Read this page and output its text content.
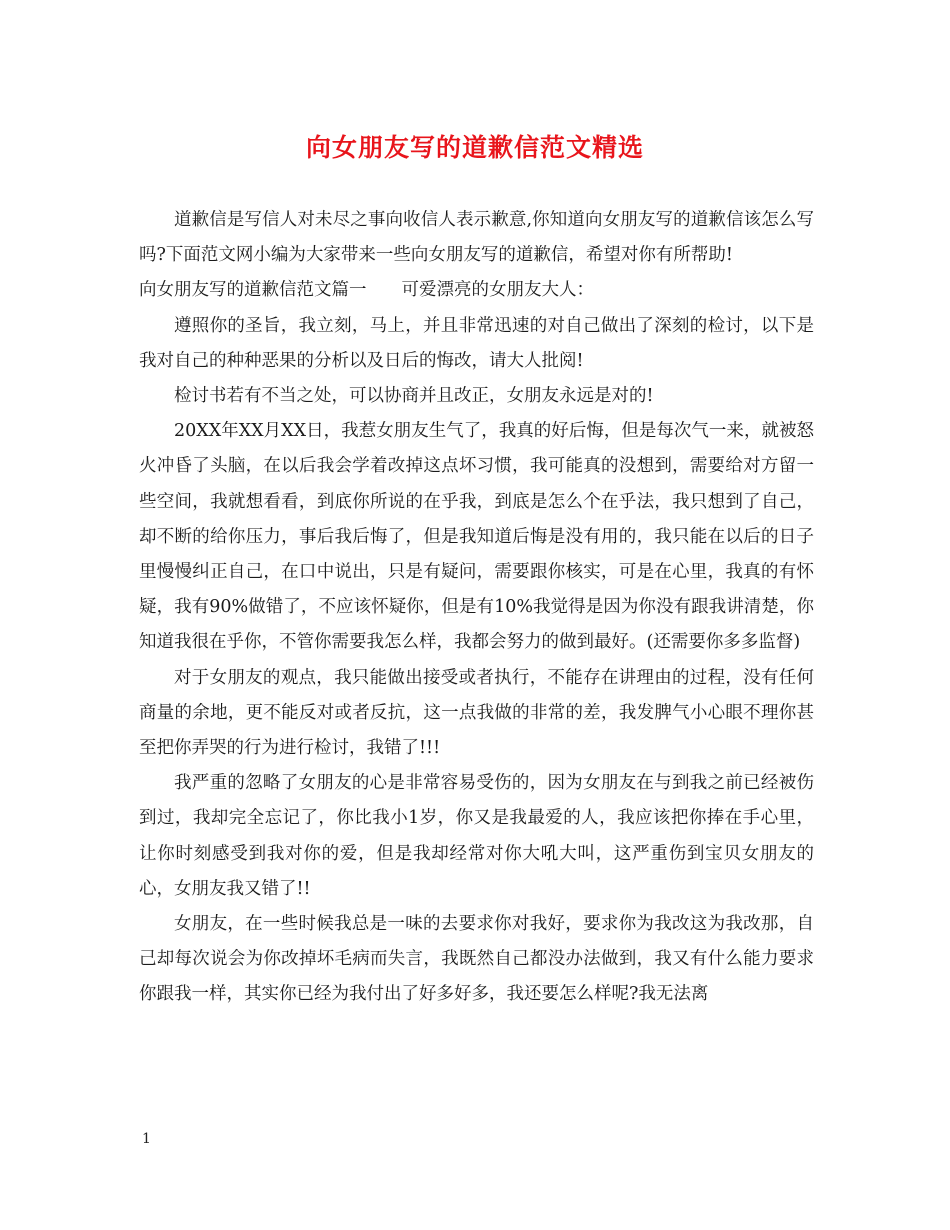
向女朋友写的道歉信范文精选

道歉信是写信人对未尽之事向收信人表示歉意,你知道向女朋友写的道歉信该怎么写吗?下面范文网小编为大家带来一些向女朋友写的道歉信，希望对你有所帮助!

向女朋友写的道歉信范文篇一　　可爱漂亮的女朋友大人：

遵照你的圣旨，我立刻，马上，并且非常迅速的对自己做出了深刻的检讨，以下是我对自己的种种恶果的分析以及日后的悔改，请大人批阅!

检讨书若有不当之处，可以协商并且改正，女朋友永远是对的!

20XX年XX月XX日，我惹女朋友生气了，我真的好后悔，但是每次气一来，就被怒火冲昏了头脑，在以后我会学着改掉这点坏习惯，我可能真的没想到，需要给对方留一些空间，我就想看看，到底你所说的在乎我，到底是怎么个在乎法，我只想到了自己，却不断的给你压力，事后我后悔了，但是我知道后悔是没有用的，我只能在以后的日子里慢慢纠正自己，在口中说出，只是有疑问，需要跟你核实，可是在心里，我真的有怀疑，我有90%做错了，不应该怀疑你，但是有10%我觉得是因为你没有跟我讲清楚，你知道我很在乎你，不管你需要我怎么样，我都会努力的做到最好。(还需要你多多监督)

对于女朋友的观点，我只能做出接受或者执行，不能存在讲理由的过程，没有任何商量的余地，更不能反对或者反抗，这一点我做的非常的差，我发脾气小心眼不理你甚至把你弄哭的行为进行检讨，我错了!!!

我严重的忽略了女朋友的心是非常容易受伤的，因为女朋友在与到我之前已经被伤到过，我却完全忘记了，你比我小1岁，你又是我最爱的人，我应该把你捧在手心里，让你时刻感受到我对你的爱，但是我却经常对你大吼大叫，这严重伤到宝贝女朋友的心，女朋友我又错了!!

女朋友，在一些时候我总是一味的去要求你对我好，要求你为我改这为我改那，自己却每次说会为你改掉坏毛病而失言，我既然自己都没办法做到，我又有什么能力要求你跟我一样，其实你已经为我付出了好多好多，我还要怎么样呢?我无法离

1
